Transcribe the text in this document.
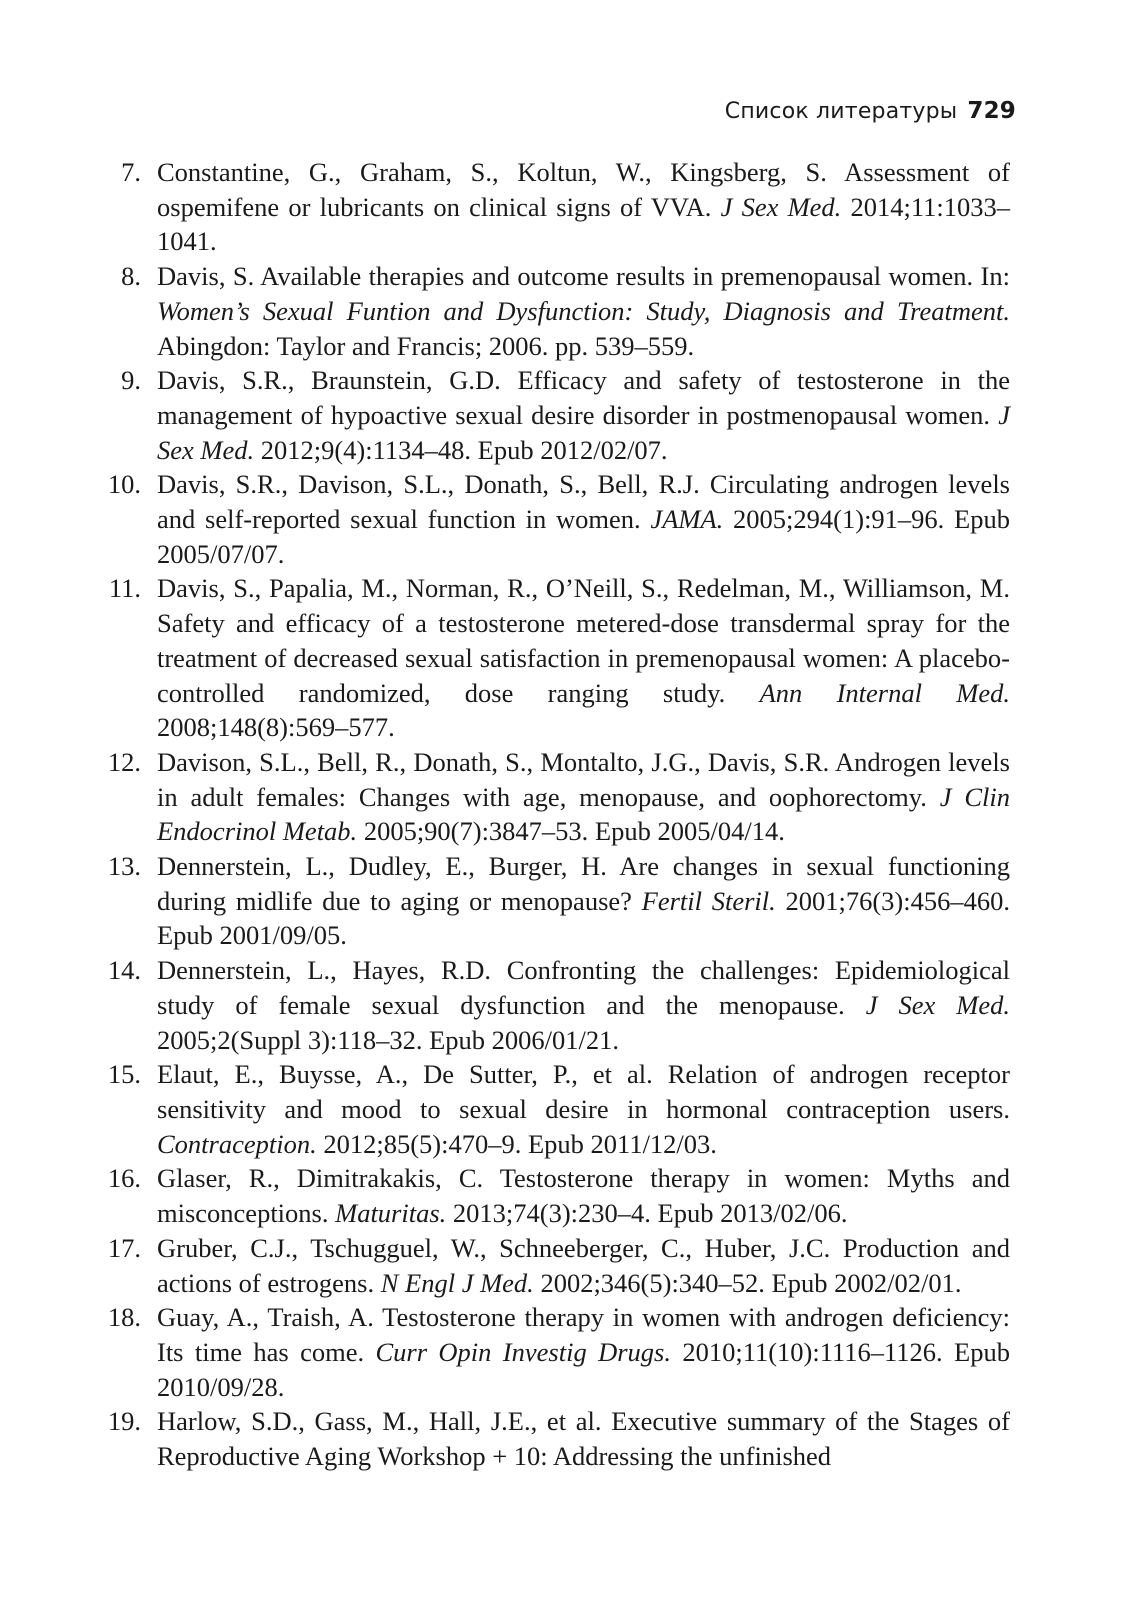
Список литературы 729
7. Constantine, G., Graham, S., Koltun, W., Kingsberg, S. Assessment of ospemifene or lubricants on clinical signs of VVA. J Sex Med. 2014;11:1033–1041.
8. Davis, S. Available therapies and outcome results in premenopausal women. In: Women’s Sexual Funtion and Dysfunction: Study, Diagnosis and Treatment. Abingdon: Taylor and Francis; 2006. pp. 539–559.
9. Davis, S.R., Braunstein, G.D. Efficacy and safety of testosterone in the management of hypoactive sexual desire disorder in postmenopausal women. J Sex Med. 2012;9(4):1134–48. Epub 2012/02/07.
10. Davis, S.R., Davison, S.L., Donath, S., Bell, R.J. Circulating androgen levels and self-reported sexual function in women. JAMA. 2005;294(1):91–96. Epub 2005/07/07.
11. Davis, S., Papalia, M., Norman, R., O’Neill, S., Redelman, M., Williamson, M. Safety and efficacy of a testosterone metered-dose transdermal spray for the treatment of decreased sexual satisfaction in premenopausal women: A placebo-controlled randomized, dose ranging study. Ann Internal Med. 2008;148(8):569–577.
12. Davison, S.L., Bell, R., Donath, S., Montalto, J.G., Davis, S.R. Androgen levels in adult females: Changes with age, menopause, and oophorectomy. J Clin Endocrinol Metab. 2005;90(7):3847–53. Epub 2005/04/14.
13. Dennerstein, L., Dudley, E., Burger, H. Are changes in sexual functioning during midlife due to aging or menopause? Fertil Steril. 2001;76(3):456–460. Epub 2001/09/05.
14. Dennerstein, L., Hayes, R.D. Confronting the challenges: Epidemiological study of female sexual dysfunction and the menopause. J Sex Med. 2005;2(Suppl 3):118–32. Epub 2006/01/21.
15. Elaut, E., Buysse, A., De Sutter, P., et al. Relation of androgen receptor sensitivity and mood to sexual desire in hormonal contraception users. Contraception. 2012;85(5):470–9. Epub 2011/12/03.
16. Glaser, R., Dimitrakakis, C. Testosterone therapy in women: Myths and misconceptions. Maturitas. 2013;74(3):230–4. Epub 2013/02/06.
17. Gruber, C.J., Tschugguel, W., Schneeberger, C., Huber, J.C. Production and actions of estrogens. N Engl J Med. 2002;346(5):340–52. Epub 2002/02/01.
18. Guay, A., Traish, A. Testosterone therapy in women with androgen deficiency: Its time has come. Curr Opin Investig Drugs. 2010;11(10):1116–1126. Epub 2010/09/28.
19. Harlow, S.D., Gass, M., Hall, J.E., et al. Executive summary of the Stages of Reproductive Aging Workshop + 10: Addressing the unfinished
